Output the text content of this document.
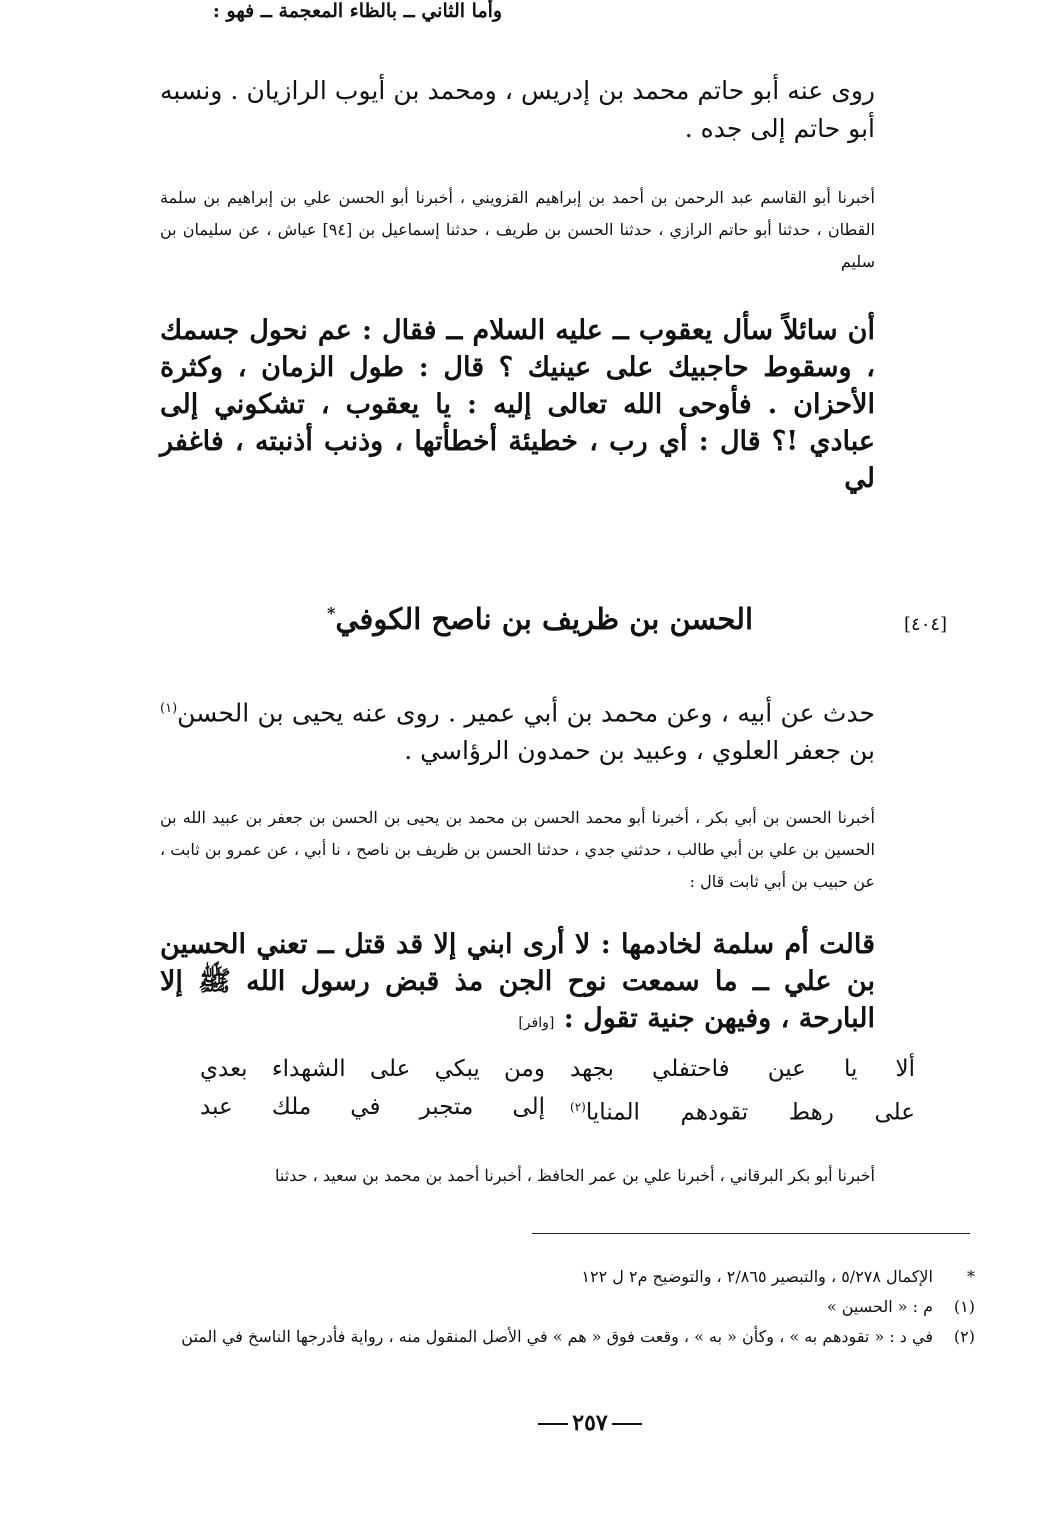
روى عنه أبو حاتم محمد بن إدريس ، ومحمد بن أيوب الرازيان . ونسبه أبو حاتم إلى جده .
أخبرنا أبو القاسم عبد الرحمن بن أحمد بن إبراهيم القزويني ، أخبرنا أبو الحسن علي بن إبراهيم بن سلمة القطان ، حدثنا أبو حاتم الرازي ، حدثنا الحسن بن طريف ، حدثنا إسماعيل بن [٩٤] عياش ، عن سليمان بن سليم
أن سائلاً سأل يعقوب ــ عليه السلام ــ فقال : عم نحول جسمك ، وسقوط حاجبيك على عينيك ؟ قال : طول الزمان ، وكثرة الأحزان . فأوحى الله تعالى إليه : يا يعقوب ، تشكوني إلى عبادي !؟ قال : أي رب ، خطيئة أخطأتها ، وذنب أذنبته ، فاغفر لي
وأما الثاني ــ بالظاء المعجمة ــ فهو :
[٤٠٤]
الحسن بن ظريف بن ناصح الكوفي*
حدث عن أبيه ، وعن محمد بن أبي عمير . روى عنه يحيى بن الحسن$^{(١)}$ بن جعفر العلوي ، وعبيد بن حمدون الرؤاسي .
أخبرنا الحسن بن أبي بكر ، أخبرنا أبو محمد الحسن بن محمد بن يحيى بن الحسن بن جعفر بن عبيد الله بن الحسين بن علي بن أبي طالب ، حدثني جدي ، حدثنا الحسن بن ظريف بن ناصح ، نا أبي ، عن عمرو بن ثابت ، عن حبيب بن أبي ثابت قال :
قالت أم سلمة لخادمها : لا أرى ابني إلا قد قتل ــ تعني الحسين بن علي ــ ما سمعت نوح الجن مذ قبض رسول الله ﷺ إلا البارحة ، وفيهن جنية تقول : [وافر]
ألا يا عين فاحتفلي بجهد
ومن يبكي على الشهداء بعدي
على رهط تقودهم المنايا$^{(٢)}$
إلى متجبر في ملك عبد
أخبرنا أبو بكر البرقاني ، أخبرنا علي بن عمر الحافظ ، أخبرنا أحمد بن محمد بن سعيد ، حدثنا
*
الإكمال ٥/٢٧٨ ، والتبصير ٢/٨٦٥ ، والتوضيح م٢ ل ١٢٢
(١)
م : « الحسين »
(٢)
في د : « تقودهم به » ، وكأن « به » ، وقعت فوق « هم » في الأصل المنقول منه ، رواية فأدرجها الناسخ في المتن
٢٥٧
